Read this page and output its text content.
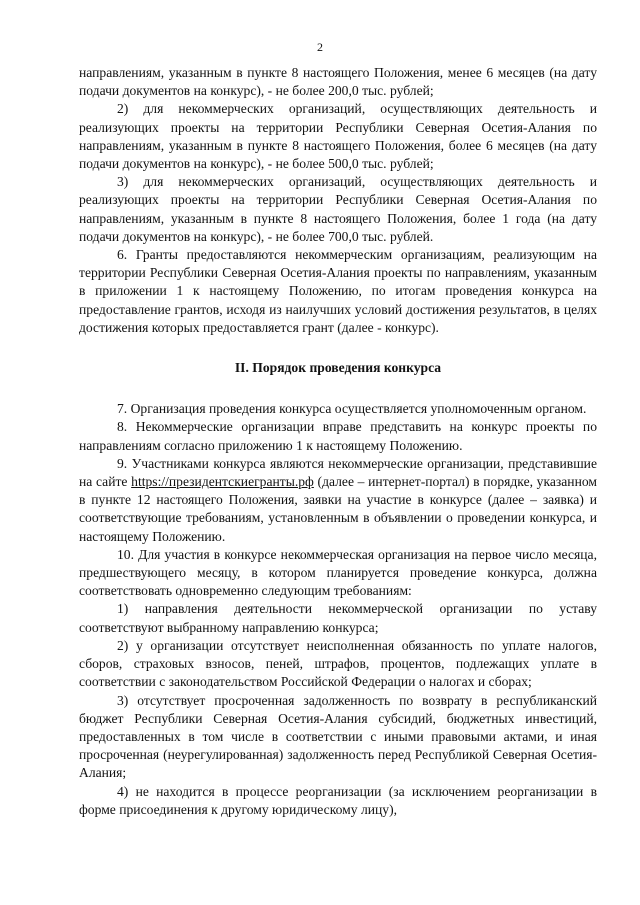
2

направлениям, указанным в пункте 8 настоящего Положения, менее 6 месяцев (на дату подачи документов на конкурс), - не более 200,0 тыс. рублей;

2) для некоммерческих организаций, осуществляющих деятельность и реализующих проекты на территории Республики Северная Осетия-Алания по направлениям, указанным в пункте 8 настоящего Положения, более 6 месяцев (на дату подачи документов на конкурс), - не более 500,0 тыс. рублей;

3) для некоммерческих организаций, осуществляющих деятельность и реализующих проекты на территории Республики Северная Осетия-Алания по направлениям, указанным в пункте 8 настоящего Положения, более 1 года (на дату подачи документов на конкурс), - не более 700,0 тыс. рублей.

6. Гранты предоставляются некоммерческим организациям, реализующим на территории Республики Северная Осетия-Алания проекты по направлениям, указанным в приложении 1 к настоящему Положению, по итогам проведения конкурса на предоставление грантов, исходя из наилучших условий достижения результатов, в целях достижения которых предоставляется грант (далее - конкурс).

II. Порядок проведения конкурса

7. Организация проведения конкурса осуществляется уполномоченным органом.

8. Некоммерческие организации вправе представить на конкурс проекты по направлениям согласно приложению 1 к настоящему Положению.

9. Участниками конкурса являются некоммерческие организации, представившие на сайте https://президентскиегранты.рф (далее – интернет-портал) в порядке, указанном в пункте 12 настоящего Положения, заявки на участие в конкурсе (далее – заявка) и соответствующие требованиям, установленным в объявлении о проведении конкурса, и настоящему Положению.

10. Для участия в конкурсе некоммерческая организация на первое число месяца, предшествующего месяцу, в котором планируется проведение конкурса, должна соответствовать одновременно следующим требованиям:

1) направления деятельности некоммерческой организации по уставу соответствуют выбранному направлению конкурса;

2) у организации отсутствует неисполненная обязанность по уплате налогов, сборов, страховых взносов, пеней, штрафов, процентов, подлежащих уплате в соответствии с законодательством Российской Федерации о налогах и сборах;

3) отсутствует просроченная задолженность по возврату в республиканский бюджет Республики Северная Осетия-Алания субсидий, бюджетных инвестиций, предоставленных в том числе в соответствии с иными правовыми актами, и иная просроченная (неурегулированная) задолженность перед Республикой Северная Осетия-Алания;

4) не находится в процессе реорганизации (за исключением реорганизации в форме присоединения к другому юридическому лицу),
